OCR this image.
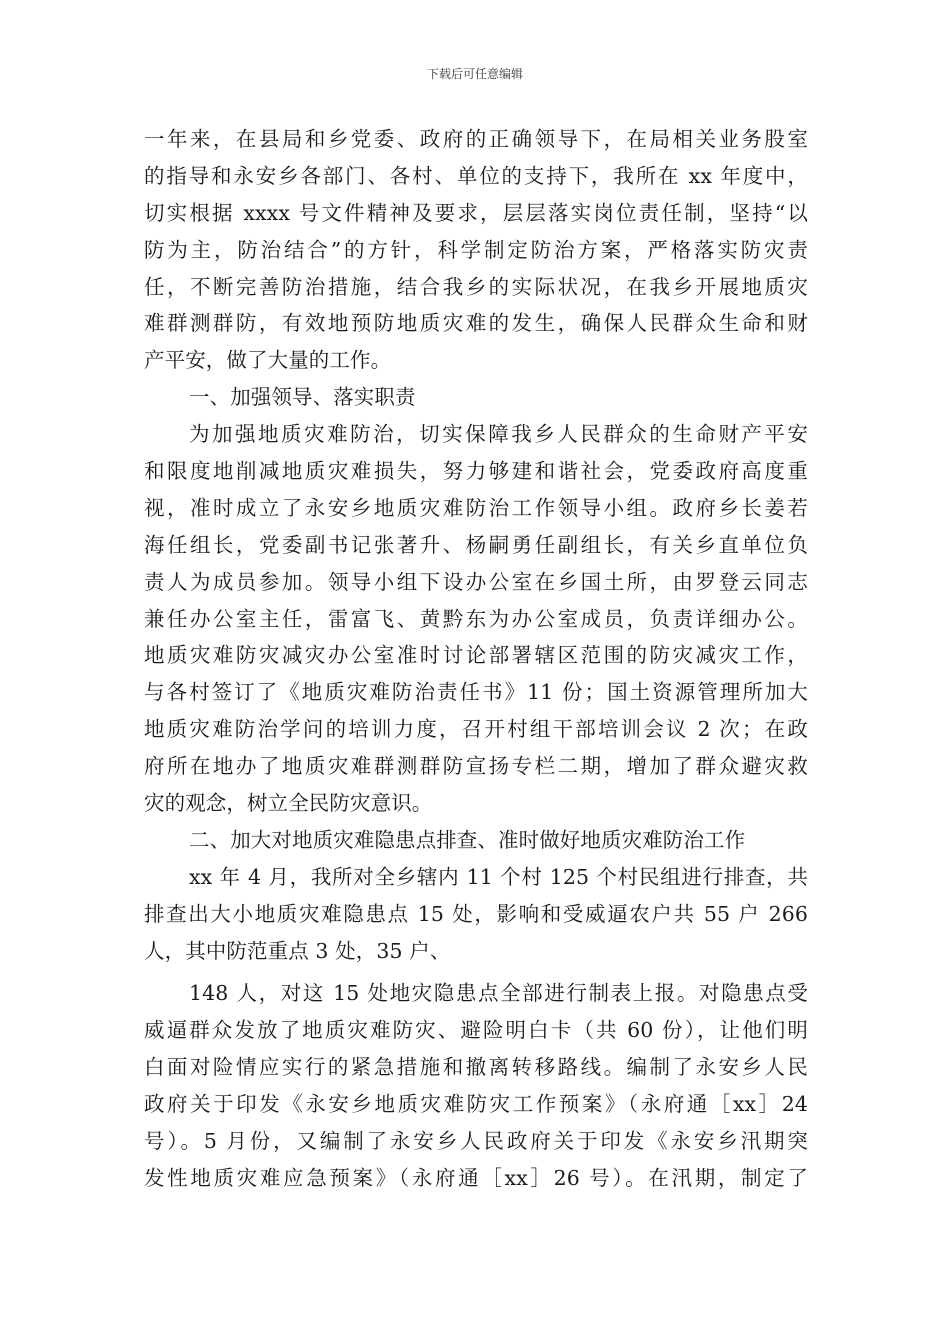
下载后可任意编辑
一年来，在县局和乡党委、政府的正确领导下，在局相关业务股室
的指导和永安乡各部门、各村、单位的支持下，我所在 xx 年度中，
切实根据 xxxx 号文件精神及要求，层层落实岗位责任制，坚持“以
防为主，防治结合”的方针，科学制定防治方案，严格落实防灾责
任，不断完善防治措施，结合我乡的实际状况，在我乡开展地质灾
难群测群防，有效地预防地质灾难的发生，确保人民群众生命和财
产平安，做了大量的工作。
一、加强领导、落实职责
为加强地质灾难防治，切实保障我乡人民群众的生命财产平安
和限度地削减地质灾难损失，努力够建和谐社会，党委政府高度重
视，准时成立了永安乡地质灾难防治工作领导小组。政府乡长姜若
海任组长，党委副书记张著升、杨嗣勇任副组长，有关乡直单位负
责人为成员参加。领导小组下设办公室在乡国土所，由罗登云同志
兼任办公室主任，雷富飞、黄黔东为办公室成员，负责详细办公。
地质灾难防灾减灾办公室准时讨论部署辖区范围的防灾减灾工作，
与各村签订了《地质灾难防治责任书》11 份；国土资源管理所加大
地质灾难防治学问的培训力度，召开村组干部培训会议 2 次；在政
府所在地办了地质灾难群测群防宣扬专栏二期，增加了群众避灾救
灾的观念，树立全民防灾意识。
二、加大对地质灾难隐患点排查、准时做好地质灾难防治工作
xx 年 4 月，我所对全乡辖内 11 个村 125 个村民组进行排查，共
排查出大小地质灾难隐患点 15 处，影响和受威逼农户共 55 户 266
人，其中防范重点 3 处，35 户、
148 人，对这 15 处地灾隐患点全部进行制表上报。对隐患点受
威逼群众发放了地质灾难防灾、避险明白卡（共 60 份），让他们明
白面对险情应实行的紧急措施和撤离转移路线。编制了永安乡人民
政府关于印发《永安乡地质灾难防灾工作预案》（永府通［xx］24
号）。5 月份，又编制了永安乡人民政府关于印发《永安乡汛期突
发性地质灾难应急预案》（永府通［xx］26 号）。在汛期，制定了
